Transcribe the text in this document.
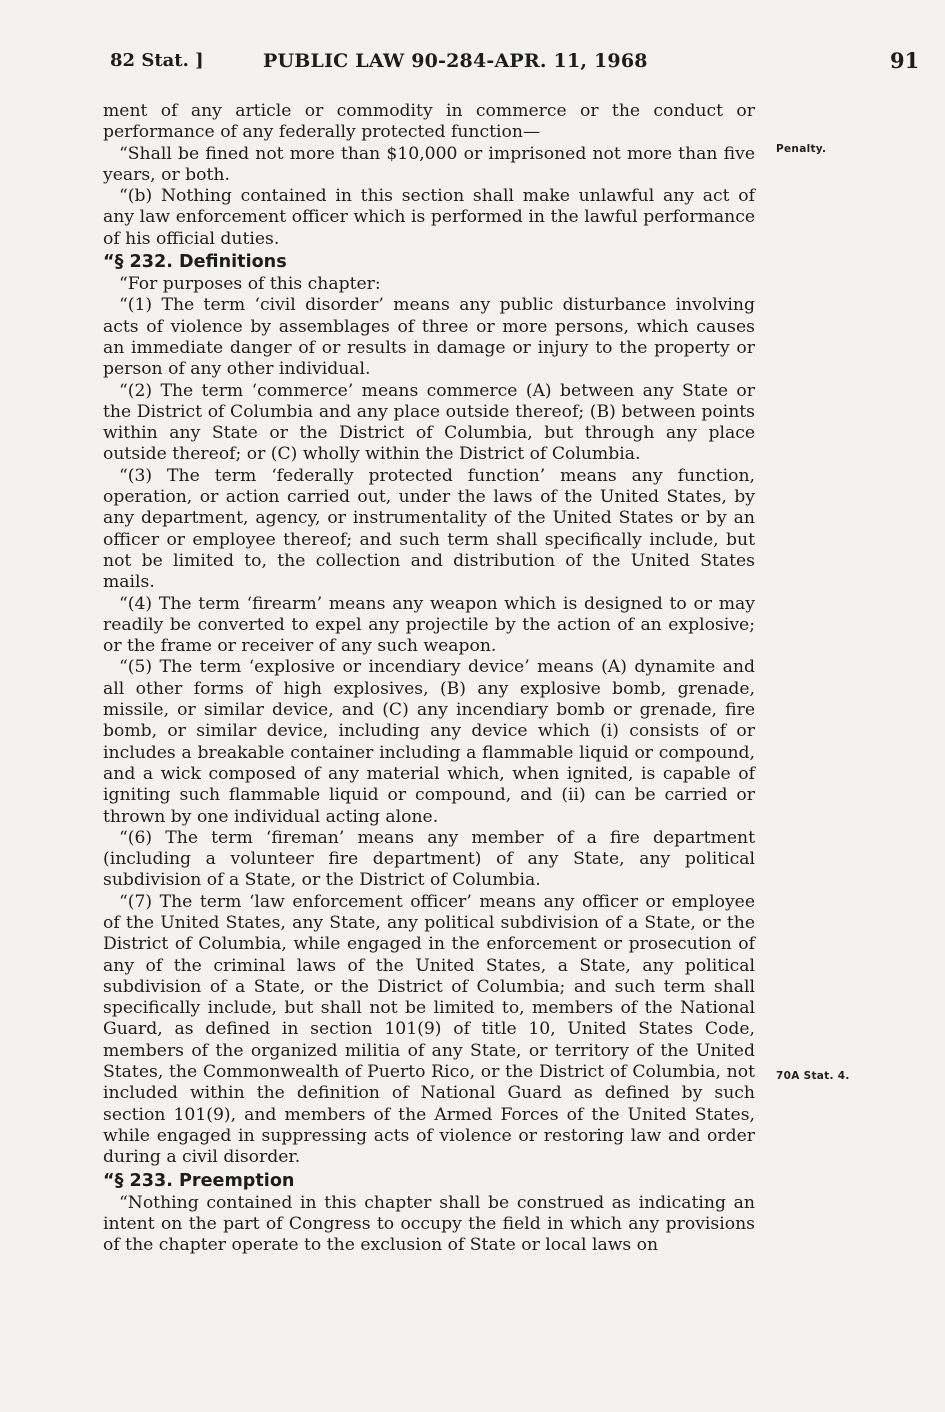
82 Stat. ]	PUBLIC LAW 90-284-APR. 11, 1968	91
Penalty.
70A Stat. 4.

ment of any article or commodity in commerce or the conduct or performance of any federally protected function—

“Shall be fined not more than $10,000 or imprisoned not more than five years, or both.

“(b) Nothing contained in this section shall make unlawful any act of any law enforcement officer which is performed in the lawful performance of his official duties.

“§ 232. Definitions

“For purposes of this chapter:

“(1) The term ‘civil disorder’ means any public disturbance involving acts of violence by assemblages of three or more persons, which causes an immediate danger of or results in damage or injury to the property or person of any other individual.

“(2) The term ‘commerce’ means commerce (A) between any State or the District of Columbia and any place outside thereof; (B) between points within any State or the District of Columbia, but through any place outside thereof; or (C) wholly within the District of Columbia.

“(3) The term ‘federally protected function’ means any function, operation, or action carried out, under the laws of the United States, by any department, agency, or instrumentality of the United States or by an officer or employee thereof; and such term shall specifically include, but not be limited to, the collection and distribution of the United States mails.

“(4) The term ‘firearm’ means any weapon which is designed to or may readily be converted to expel any projectile by the action of an explosive; or the frame or receiver of any such weapon.

“(5) The term ‘explosive or incendiary device’ means (A) dynamite and all other forms of high explosives, (B) any explosive bomb, grenade, missile, or similar device, and (C) any incendiary bomb or grenade, fire bomb, or similar device, including any device which (i) consists of or includes a breakable container including a flammable liquid or compound, and a wick composed of any material which, when ignited, is capable of igniting such flammable liquid or compound, and (ii) can be carried or thrown by one individual acting alone.

“(6) The term ‘fireman’ means any member of a fire department (including a volunteer fire department) of any State, any political subdivision of a State, or the District of Columbia.

“(7) The term ‘law enforcement officer’ means any officer or employee of the United States, any State, any political subdivision of a State, or the District of Columbia, while engaged in the enforcement or prosecution of any of the criminal laws of the United States, a State, any political subdivision of a State, or the District of Columbia; and such term shall specifically include, but shall not be limited to, members of the National Guard, as defined in section 101(9) of title 10, United States Code, members of the organized militia of any State, or territory of the United States, the Commonwealth of Puerto Rico, or the District of Columbia, not included within the definition of National Guard as defined by such section 101(9), and members of the Armed Forces of the United States, while engaged in suppressing acts of violence or restoring law and order during a civil disorder.

“§ 233. Preemption

“Nothing contained in this chapter shall be construed as indicating an intent on the part of Congress to occupy the field in which any provisions of the chapter operate to the exclusion of State or local laws on
